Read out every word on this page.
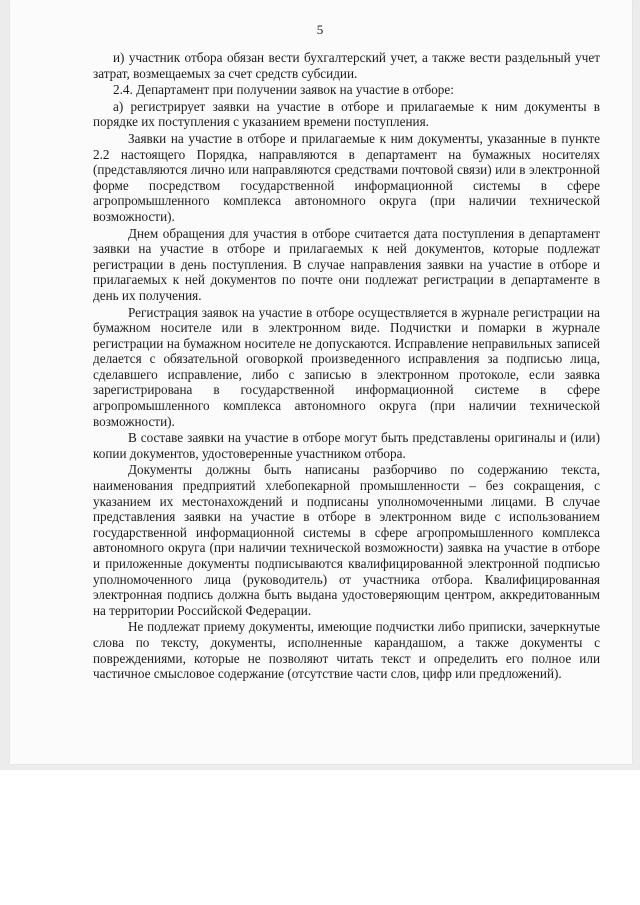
5

и) участник отбора обязан вести бухгалтерский учет, а также вести раздельный учет затрат, возмещаемых за счет средств субсидии.

2.4. Департамент при получении заявок на участие в отборе:

а) регистрирует заявки на участие в отборе и прилагаемые к ним документы в порядке их поступления с указанием времени поступления.

Заявки на участие в отборе и прилагаемые к ним документы, указанные в пункте 2.2 настоящего Порядка, направляются в департамент на бумажных носителях (представляются лично или направляются средствами почтовой связи) или в электронной форме посредством государственной информационной системы в сфере агропромышленного комплекса автономного округа (при наличии технической возможности).

Днем обращения для участия в отборе считается дата поступления в департамент заявки на участие в отборе и прилагаемых к ней документов, которые подлежат регистрации в день поступления. В случае направления заявки на участие в отборе и прилагаемых к ней документов по почте они подлежат регистрации в департаменте в день их получения.

Регистрация заявок на участие в отборе осуществляется в журнале регистрации на бумажном носителе или в электронном виде. Подчистки и помарки в журнале регистрации на бумажном носителе не допускаются. Исправление неправильных записей делается с обязательной оговоркой произведенного исправления за подписью лица, сделавшего исправление, либо с записью в электронном протоколе, если заявка зарегистрирована в государственной информационной системе в сфере агропромышленного комплекса автономного округа (при наличии технической возможности).

В составе заявки на участие в отборе могут быть представлены оригиналы и (или) копии документов, удостоверенные участником отбора.

Документы должны быть написаны разборчиво по содержанию текста, наименования предприятий хлебопекарной промышленности – без сокращения, с указанием их местонахождений и подписаны уполномоченными лицами. В случае представления заявки на участие в отборе в электронном виде с использованием государственной информационной системы в сфере агропромышленного комплекса автономного округа (при наличии технической возможности) заявка на участие в отборе и приложенные документы подписываются квалифицированной электронной подписью уполномоченного лица (руководитель) от участника отбора. Квалифицированная электронная подпись должна быть выдана удостоверяющим центром, аккредитованным на территории Российской Федерации.

Не подлежат приему документы, имеющие подчистки либо приписки, зачеркнутые слова по тексту, документы, исполненные карандашом, а также документы с повреждениями, которые не позволяют читать текст и определить его полное или частичное смысловое содержание (отсутствие части слов, цифр или предложений).
